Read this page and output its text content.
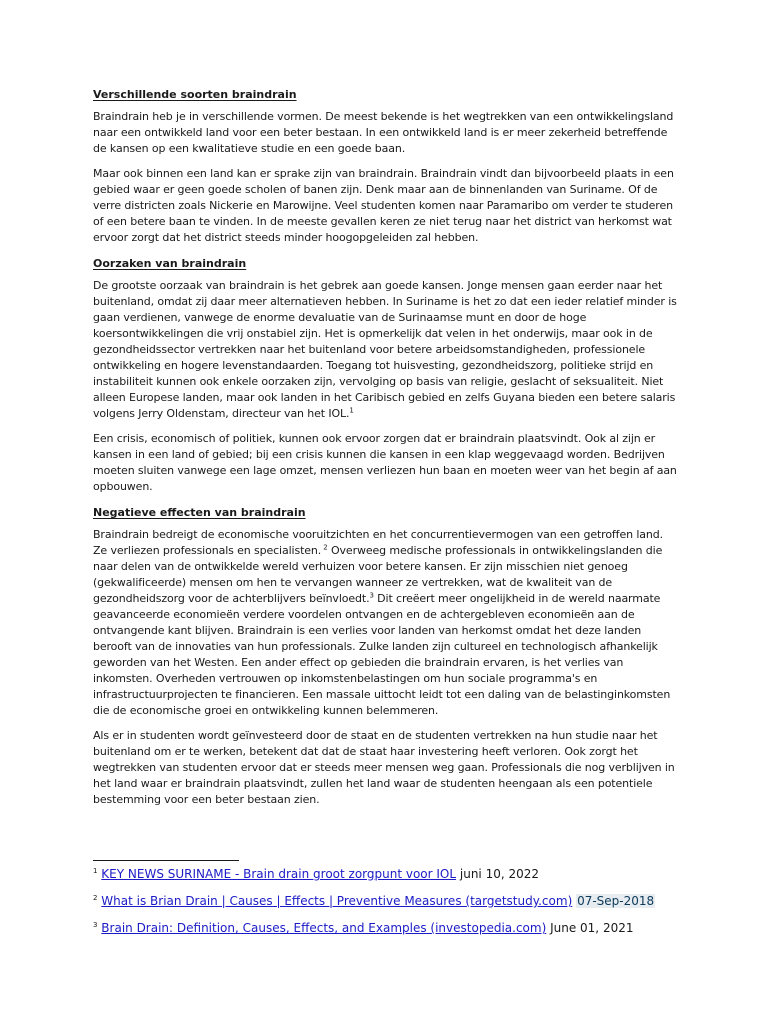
Verschillende soorten braindrain

Braindrain heb je in verschillende vormen. De meest bekende is het wegtrekken van een ontwikkelingsland naar een ontwikkeld land voor een beter bestaan. In een ontwikkeld land is er meer zekerheid betreffende de kansen op een kwalitatieve studie en een goede baan.

Maar ook binnen een land kan er sprake zijn van braindrain. Braindrain vindt dan bijvoorbeeld plaats in een gebied waar er geen goede scholen of banen zijn. Denk maar aan de binnenlanden van Suriname. Of de verre districten zoals Nickerie en Marowijne. Veel studenten komen naar Paramaribo om verder te studeren of een betere baan te vinden. In de meeste gevallen keren ze niet terug naar het district van herkomst wat ervoor zorgt dat het district steeds minder hoogopgeleiden zal hebben.

Oorzaken van braindrain

De grootste oorzaak van braindrain is het gebrek aan goede kansen. Jonge mensen gaan eerder naar het buitenland, omdat zij daar meer alternatieven hebben. In Suriname is het zo dat een ieder relatief minder is gaan verdienen, vanwege de enorme devaluatie van de Surinaamse munt en door de hoge koersontwikkelingen die vrij onstabiel zijn. Het is opmerkelijk dat velen in het onderwijs, maar ook in de gezondheidssector vertrekken naar het buitenland voor betere arbeidsomstandigheden, professionele ontwikkeling en hogere levenstandaarden. Toegang tot huisvesting, gezondheidszorg, politieke strijd en instabiliteit kunnen ook enkele oorzaken zijn, vervolging op basis van religie, geslacht of seksualiteit. Niet alleen Europese landen, maar ook landen in het Caribisch gebied en zelfs Guyana bieden een betere salaris volgens Jerry Oldenstam, directeur van het IOL.$^1$

Een crisis, economisch of politiek, kunnen ook ervoor zorgen dat er braindrain plaatsvindt. Ook al zijn er kansen in een land of gebied; bij een crisis kunnen die kansen in een klap weggevaagd worden. Bedrijven moeten sluiten vanwege een lage omzet, mensen verliezen hun baan en moeten weer van het begin af aan opbouwen.

Negatieve effecten van braindrain

Braindrain bedreigt de economische vooruitzichten en het concurrentievermogen van een getroffen land. Ze verliezen professionals en specialisten. $^2$ Overweeg medische professionals in ontwikkelingslanden die naar delen van de ontwikkelde wereld verhuizen voor betere kansen. Er zijn misschien niet genoeg (gekwalificeerde) mensen om hen te vervangen wanneer ze vertrekken, wat de kwaliteit van de gezondheidszorg voor de achterblijvers beïnvloedt.$^3$ Dit creëert meer ongelijkheid in de wereld naarmate geavanceerde economieën verdere voordelen ontvangen en de achtergebleven economieën aan de ontvangende kant blijven. Braindrain is een verlies voor landen van herkomst omdat het deze landen berooft van de innovaties van hun professionals. Zulke landen zijn cultureel en technologisch afhankelijk geworden van het Westen. Een ander effect op gebieden die braindrain ervaren, is het verlies van inkomsten. Overheden vertrouwen op inkomstenbelastingen om hun sociale programma's en infrastructuurprojecten te financieren. Een massale uittocht leidt tot een daling van de belastinginkomsten die de economische groei en ontwikkeling kunnen belemmeren.

Als er in studenten wordt geïnvesteerd door de staat en de studenten vertrekken na hun studie naar het buitenland om er te werken, betekent dat dat de staat haar investering heeft verloren. Ook zorgt het wegtrekken van studenten ervoor dat er steeds meer mensen weg gaan. Professionals die nog verblijven in het land waar er braindrain plaatsvindt, zullen het land waar de studenten heengaan als een potentiele bestemming voor een beter bestaan zien.

$^1$ KEY NEWS SURINAME - Brain drain groot zorgpunt voor IOL juni 10, 2022

$^2$ What is Brian Drain | Causes | Effects | Preventive Measures (targetstudy.com) 07-Sep-2018

$^3$ Brain Drain: Definition, Causes, Effects, and Examples (investopedia.com) June 01, 2021
